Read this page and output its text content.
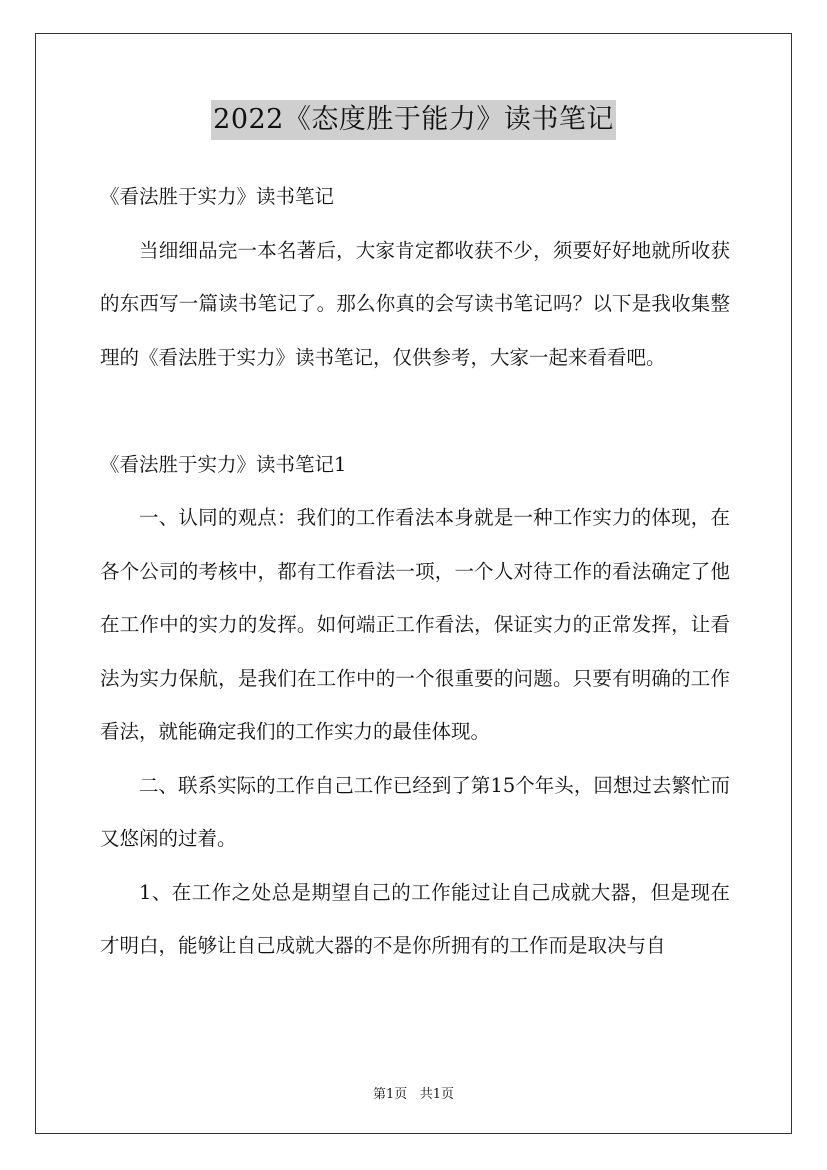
2022《态度胜于能力》读书笔记

《看法胜于实力》读书笔记

当细细品完一本名著后，大家肯定都收获不少，须要好好地就所收获的东西写一篇读书笔记了。那么你真的会写读书笔记吗？以下是我收集整理的《看法胜于实力》读书笔记，仅供参考，大家一起来看看吧。

《看法胜于实力》读书笔记1

一、认同的观点：我们的工作看法本身就是一种工作实力的体现，在各个公司的考核中，都有工作看法一项，一个人对待工作的看法确定了他在工作中的实力的发挥。如何端正工作看法，保证实力的正常发挥，让看法为实力保航，是我们在工作中的一个很重要的问题。只要有明确的工作看法，就能确定我们的工作实力的最佳体现。

二、联系实际的工作自己工作已经到了第15个年头，回想过去繁忙而又悠闲的过着。

1、在工作之处总是期望自己的工作能过让自己成就大器，但是现在才明白，能够让自己成就大器的不是你所拥有的工作而是取决与自

第1页 共1页
